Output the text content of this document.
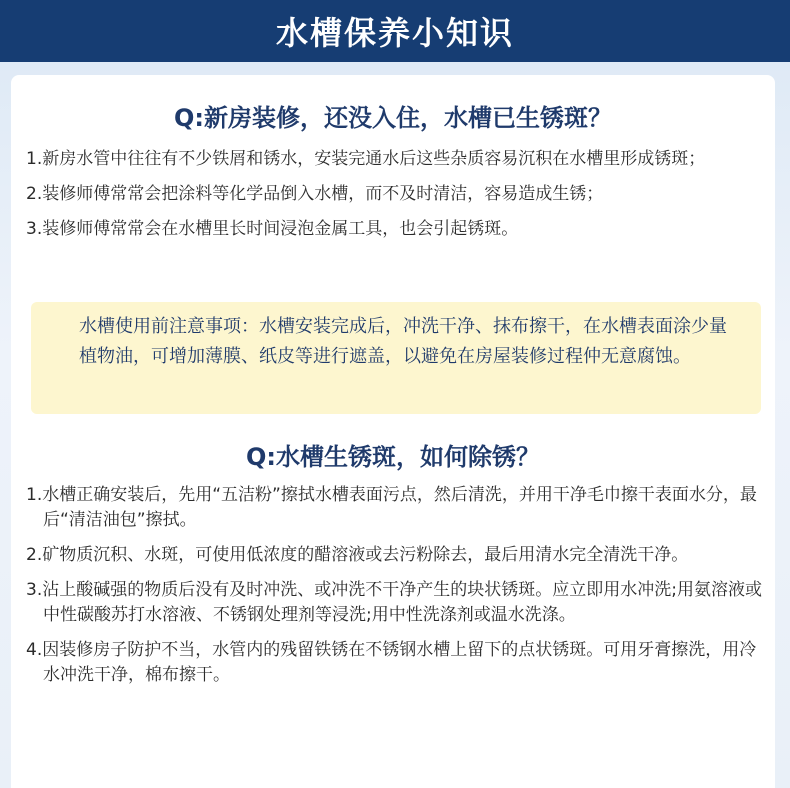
水槽保养小知识
Q:新房装修，还没入住，水槽已生锈斑？
1.新房水管中往往有不少铁屑和锈水，安装完通水后这些杂质容易沉积在水槽里形成锈斑；
2.装修师傅常常会把涂料等化学品倒入水槽，而不及时清洁，容易造成生锈；
3.装修师傅常常会在水槽里长时间浸泡金属工具，也会引起锈斑。
水槽使用前注意事项：水槽安装完成后，冲洗干净、抹布擦干，在水槽表面涂少量植物油，可增加薄膜、纸皮等进行遮盖，以避免在房屋装修过程仲无意腐蚀。
Q:水槽生锈斑，如何除锈？
1.水槽正确安装后，先用“五洁粉”擦拭水槽表面污点，然后清洗，并用干净毛巾擦干表面水分，最后“清洁油包”擦拭。
2.矿物质沉积、水斑，可使用低浓度的醋溶液或去污粉除去，最后用清水完全清洗干净。
3.沾上酸碱强的物质后没有及时冲洗、或冲洗不干净产生的块状锈斑。应立即用水冲洗;用氨溶液或中性碳酸苏打水溶液、不锈钢处理剂等浸洗;用中性洗涤剂或温水洗涤。
4.因装修房子防护不当，水管内的残留铁锈在不锈钢水槽上留下的点状锈斑。可用牙膏擦洗，用冷水冲洗干净，棉布擦干。
